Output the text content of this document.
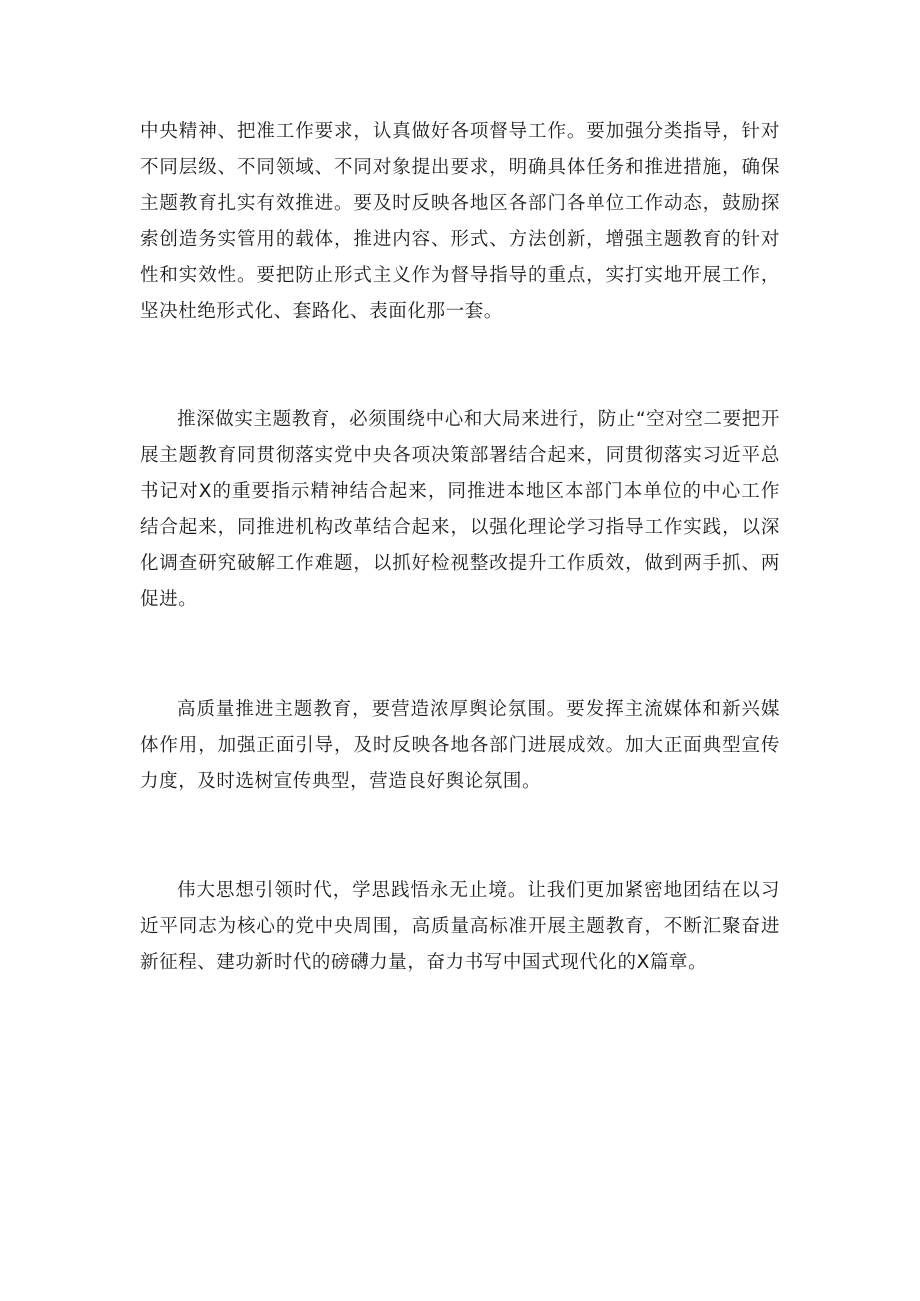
中央精神、把准工作要求，认真做好各项督导工作。要加强分类指导，针对不同层级、不同领域、不同对象提出要求，明确具体任务和推进措施，确保主题教育扎实有效推进。要及时反映各地区各部门各单位工作动态，鼓励探索创造务实管用的载体，推进内容、形式、方法创新，增强主题教育的针对性和实效性。要把防止形式主义作为督导指导的重点，实打实地开展工作，坚决杜绝形式化、套路化、表面化那一套。

推深做实主题教育，必须围绕中心和大局来进行，防止“空对空二要把开展主题教育同贯彻落实党中央各项决策部署结合起来，同贯彻落实习近平总书记对X的重要指示精神结合起来，同推进本地区本部门本单位的中心工作结合起来，同推进机构改革结合起来，以强化理论学习指导工作实践，以深化调查研究破解工作难题，以抓好检视整改提升工作质效，做到两手抓、两促进。

高质量推进主题教育，要营造浓厚舆论氛围。要发挥主流媒体和新兴媒体作用，加强正面引导，及时反映各地各部门进展成效。加大正面典型宣传力度，及时选树宣传典型，营造良好舆论氛围。

伟大思想引领时代，学思践悟永无止境。让我们更加紧密地团结在以习近平同志为核心的党中央周围，高质量高标准开展主题教育，不断汇聚奋进新征程、建功新时代的磅礴力量，奋力书写中国式现代化的X篇章。
